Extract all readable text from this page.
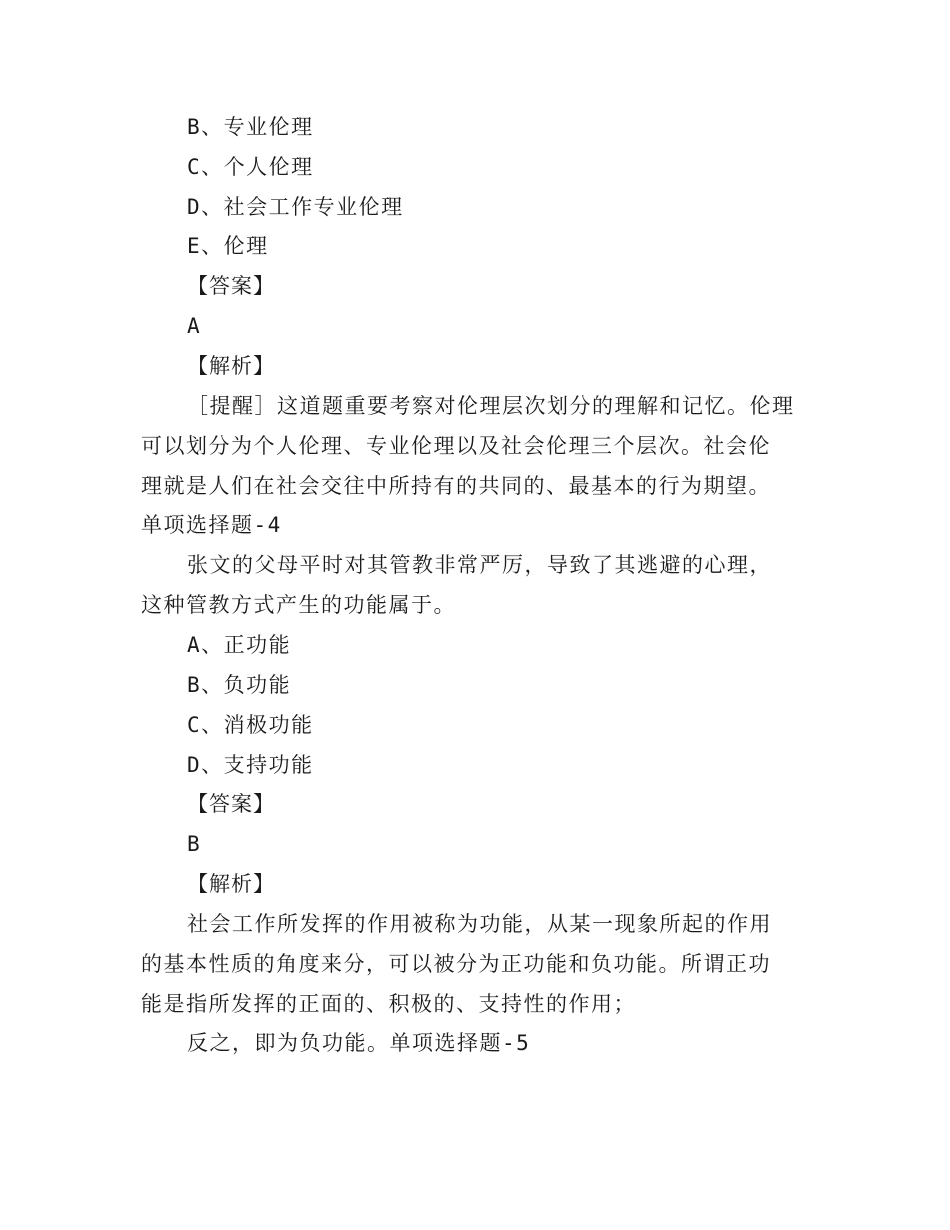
B、专业伦理
C、个人伦理
D、社会工作专业伦理
E、伦理
【答案】
A
【解析】
［提醒］这道题重要考察对伦理层次划分的理解和记忆。伦理
可以划分为个人伦理、专业伦理以及社会伦理三个层次。社会伦
理就是人们在社会交往中所持有的共同的、最基本的行为期望。
单项选择题-4
张文的父母平时对其管教非常严厉，导致了其逃避的心理，
这种管教方式产生的功能属于。
A、正功能
B、负功能
C、消极功能
D、支持功能
【答案】
B
【解析】
社会工作所发挥的作用被称为功能，从某一现象所起的作用
的基本性质的角度来分，可以被分为正功能和负功能。所谓正功
能是指所发挥的正面的、积极的、支持性的作用；
反之，即为负功能。单项选择题-5
